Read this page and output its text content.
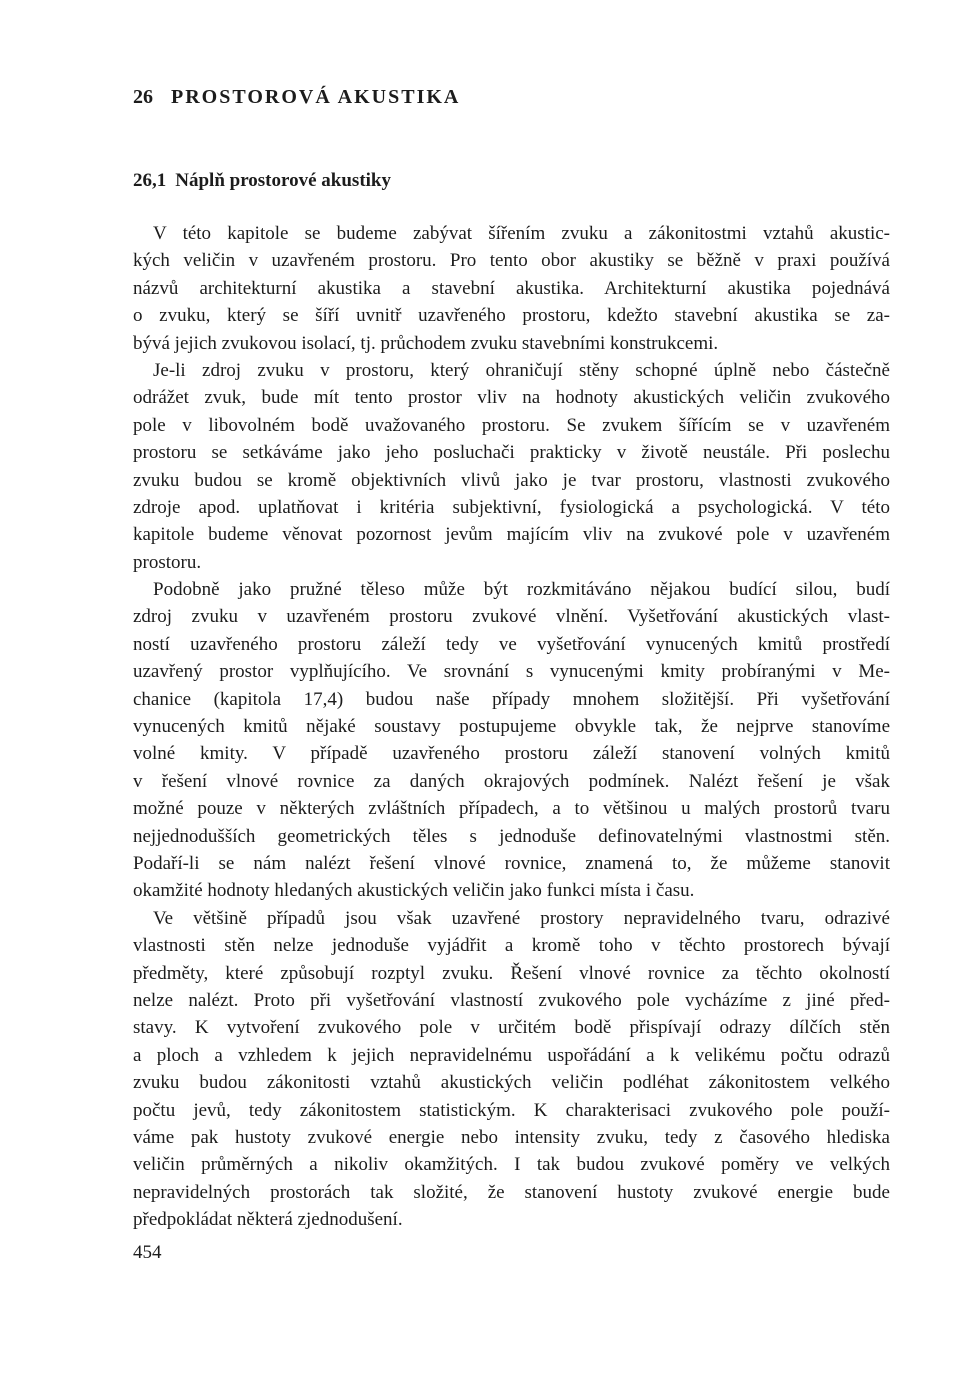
26 PROSTOROVÁ AKUSTIKA
26,1 Náplň prostorové akustiky
V této kapitole se budeme zabývat šířením zvuku a zákonitostmi vztahů akustic-
kých veličin v uzavřeném prostoru. Pro tento obor akustiky se běžně v praxi používá
názvů architekturní akustika a stavební akustika. Architekturní akustika pojednává
o zvuku, který se šíří uvnitř uzavřeného prostoru, kdežto stavební akustika se za-
bývá jejich zvukovou isolací, tj. průchodem zvuku stavebními konstrukcemi.
Je-li zdroj zvuku v prostoru, který ohraničují stěny schopné úplně nebo částečně
odrážet zvuk, bude mít tento prostor vliv na hodnoty akustických veličin zvukového
pole v libovolném bodě uvažovaného prostoru. Se zvukem šířícím se v uzavřeném
prostoru se setkáváme jako jeho posluchači prakticky v životě neustále. Při poslechu
zvuku budou se kromě objektivních vlivů jako je tvar prostoru, vlastnosti zvukového
zdroje apod. uplatňovat i kritéria subjektivní, fysiologická a psychologická. V této
kapitole budeme věnovat pozornost jevům majícím vliv na zvukové pole v uzavřeném
prostoru.
Podobně jako pružné těleso může být rozkmitáváno nějakou budící silou, budí
zdroj zvuku v uzavřeném prostoru zvukové vlnění. Vyšetřování akustických vlast-
ností uzavřeného prostoru záleží tedy ve vyšetřování vynucených kmitů prostředí
uzavřený prostor vyplňujícího. Ve srovnání s vynucenými kmity probíranými v Me-
chanice (kapitola 17,4) budou naše případy mnohem složitější. Při vyšetřování
vynucených kmitů nějaké soustavy postupujeme obvykle tak, že nejprve stanovíme
volné kmity. V případě uzavřeného prostoru záleží stanovení volných kmitů
v řešení vlnové rovnice za daných okrajových podmínek. Nalézt řešení je však
možné pouze v některých zvláštních případech, a to většinou u malých prostorů tvaru
nejjednodušších geometrických těles s jednoduše definovatelnými vlastnostmi stěn.
Podaří-li se nám nalézt řešení vlnové rovnice, znamená to, že můžeme stanovit
okamžité hodnoty hledaných akustických veličin jako funkci místa i času.
Ve většině případů jsou však uzavřené prostory nepravidelného tvaru, odrazivé
vlastnosti stěn nelze jednoduše vyjádřit a kromě toho v těchto prostorech bývají
předměty, které způsobují rozptyl zvuku. Řešení vlnové rovnice za těchto okolností
nelze nalézt. Proto při vyšetřování vlastností zvukového pole vycházíme z jiné před-
stavy. K vytvoření zvukového pole v určitém bodě přispívají odrazy dílčích stěn
a ploch a vzhledem k jejich nepravidelnému uspořádání a k velikému počtu odrazů
zvuku budou zákonitosti vztahů akustických veličin podléhat zákonitostem velkého
počtu jevů, tedy zákonitostem statistickým. K charakterisaci zvukového pole použí-
váme pak hustoty zvukové energie nebo intensity zvuku, tedy z časového hlediska
veličin průměrných a nikoliv okamžitých. I tak budou zvukové poměry ve velkých
nepravidelných prostorách tak složité, že stanovení hustoty zvukové energie bude
předpokládat některá zjednodušení.
454
